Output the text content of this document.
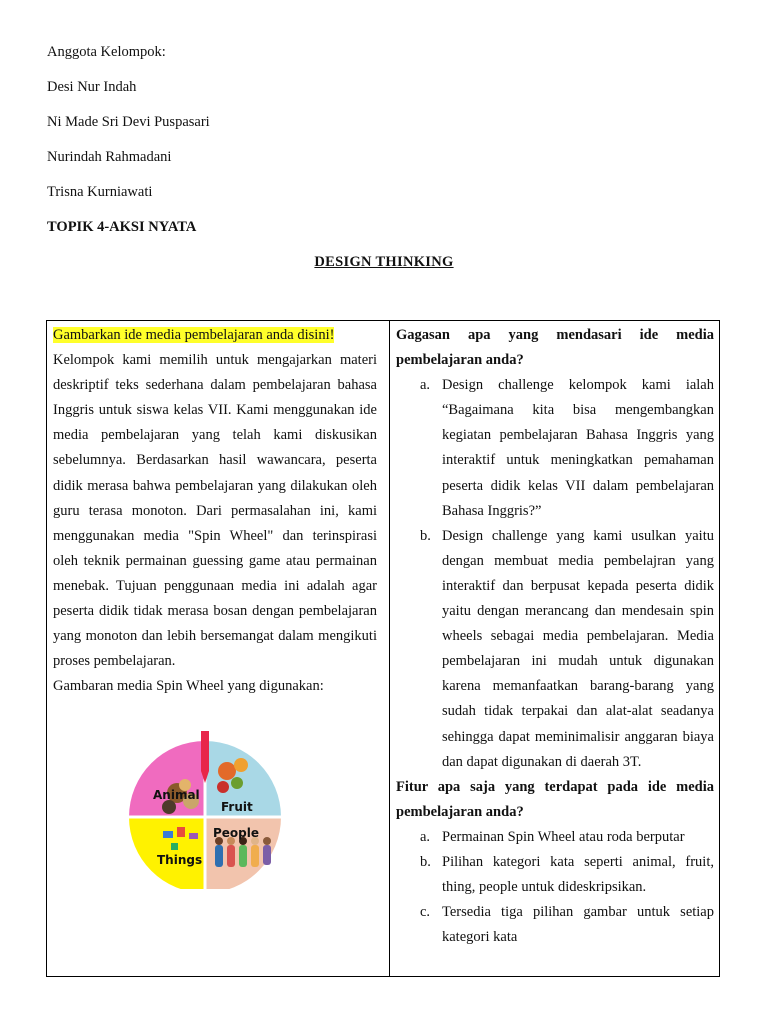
Anggota Kelompok:
Desi Nur Indah
Ni Made Sri Devi Puspasari
Nurindah Rahmadani
Trisna Kurniawati
TOPIK 4-AKSI NYATA
DESIGN THINKING

Gambarkan ide media pembelajaran anda disini!

Kelompok kami memilih untuk mengajarkan materi deskriptif teks sederhana dalam pembelajaran bahasa Inggris untuk siswa kelas VII. Kami menggunakan ide media pembelajaran yang telah kami diskusikan sebelumnya. Berdasarkan hasil wawancara, peserta didik merasa bahwa pembelajaran yang dilakukan oleh guru terasa monoton. Dari permasalahan ini, kami menggunakan media "Spin Wheel" dan terinspirasi oleh teknik permainan guessing game atau permainan menebak. Tujuan penggunaan media ini adalah agar peserta didik tidak merasa bosan dengan pembelajaran yang monoton dan lebih bersemangat dalam mengikuti proses pembelajaran.

Gambaran media Spin Wheel yang digunakan:

Animal
Fruit
People
Things

Gagasan apa yang mendasari ide media pembelajaran anda?

a. Design challenge kelompok kami ialah “Bagaimana kita bisa mengembangkan kegiatan pembelajaran Bahasa Inggris yang interaktif untuk meningkatkan pemahaman peserta didik kelas VII dalam pembelajaran Bahasa Inggris?”
b. Design challenge yang kami usulkan yaitu dengan membuat media pembelajran yang interaktif dan berpusat kepada peserta didik yaitu dengan merancang dan mendesain spin wheels sebagai media pembelajaran. Media pembelajaran ini mudah untuk digunakan karena memanfaatkan barang-barang yang sudah tidak terpakai dan alat-alat seadanya sehingga dapat meminimalisir anggaran biaya dan dapat digunakan di daerah 3T.

Fitur apa saja yang terdapat pada ide media pembelajaran anda?

a. Permainan Spin Wheel atau roda berputar
b. Pilihan kategori kata seperti animal, fruit, thing, people untuk dideskripsikan.
c. Tersedia tiga pilihan gambar untuk setiap kategori kata
